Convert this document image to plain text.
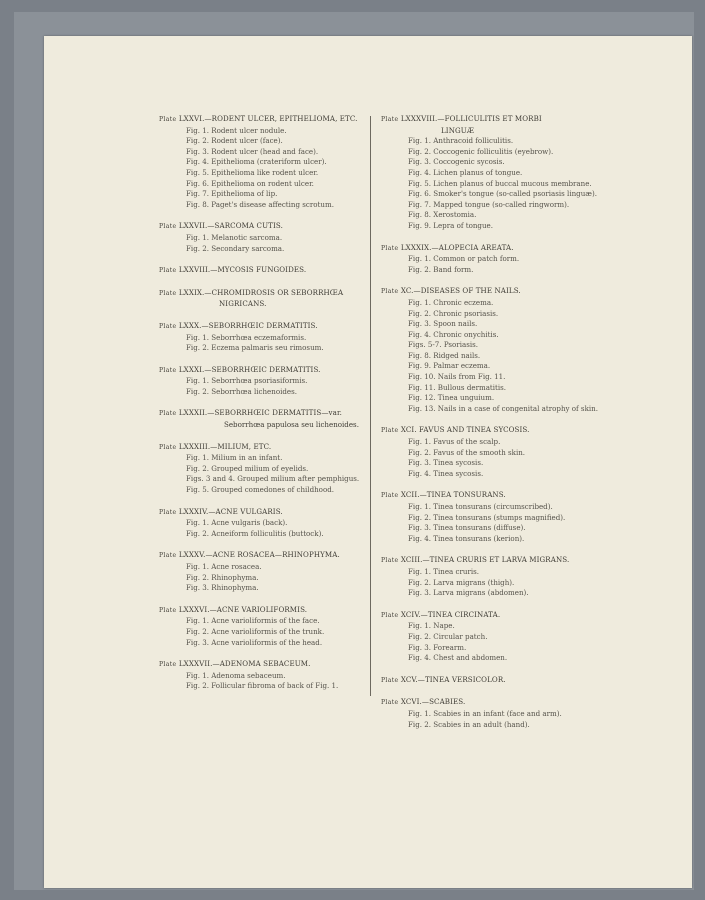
Plate LXXVI.—RODENT ULCER, EPITHELIOMA, ETC.
Fig. 1. Rodent ulcer nodule.
Fig. 2. Rodent ulcer (face).
Fig. 3. Rodent ulcer (head and face).
Fig. 4. Epithelioma (crateriform ulcer).
Fig. 5. Epithelioma like rodent ulcer.
Fig. 6. Epithelioma on rodent ulcer.
Fig. 7. Epithelioma of lip.
Fig. 8. Paget's disease affecting scrotum.
Plate LXXVII.—SARCOMA CUTIS.
Fig. 1. Melanotic sarcoma.
Fig. 2. Secondary sarcoma.
Plate LXXVIII.—MYCOSIS FUNGOIDES.
Plate LXXIX.—CHROMIDROSIS OR SEBORRHŒA
NIGRICANS.
Plate LXXX.—SEBORRHŒIC DERMATITIS.
Fig. 1. Seborrhœa eczemaformis.
Fig. 2. Eczema palmaris seu rimosum.
Plate LXXXI.—SEBORRHŒIC DERMATITIS.
Fig. 1. Seborrhœa psoriasiformis.
Fig. 2. Seborrhœa lichenoides.
Plate LXXXII.—SEBORRHŒIC DERMATITIS—var.
Seborrhœa papulosa seu lichenoides.
Plate LXXXIII.—MILIUM, ETC.
Fig. 1. Milium in an infant.
Fig. 2. Grouped milium of eyelids.
Figs. 3 and 4. Grouped milium after pemphigus.
Fig. 5. Grouped comedones of childhood.
Plate LXXXIV.—ACNE VULGARIS.
Fig. 1. Acne vulgaris (back).
Fig. 2. Acneiform folliculitis (buttock).
Plate LXXXV.—ACNE ROSACEA—RHINOPHYMA.
Fig. 1. Acne rosacea.
Fig. 2. Rhinophyma.
Fig. 3. Rhinophyma.
Plate LXXXVI.—ACNE VARIOLIFORMIS.
Fig. 1. Acne varioliformis of the face.
Fig. 2. Acne varioliformis of the trunk.
Fig. 3. Acne varioliformis of the head.
Plate LXXXVII.—ADENOMA SEBACEUM.
Fig. 1. Adenoma sebaceum.
Fig. 2. Follicular fibroma of back of Fig. 1.
Plate LXXXVIII.—FOLLICULITIS ET MORBI
LINGUÆ
Fig. 1. Anthracoid folliculitis.
Fig. 2. Coccogenic folliculitis (eyebrow).
Fig. 3. Coccogenic sycosis.
Fig. 4. Lichen planus of tongue.
Fig. 5. Lichen planus of buccal mucous membrane.
Fig. 6. Smoker's tongue (so-called psoriasis linguæ).
Fig. 7. Mapped tongue (so-called ringworm).
Fig. 8. Xerostomia.
Fig. 9. Lepra of tongue.
Plate LXXXIX.—ALOPECIA AREATA.
Fig. 1. Common or patch form.
Fig. 2. Band form.
Plate XC.—DISEASES OF THE NAILS.
Fig. 1. Chronic eczema.
Fig. 2. Chronic psoriasis.
Fig. 3. Spoon nails.
Fig. 4. Chronic onychitis.
Figs. 5-7. Psoriasis.
Fig. 8. Ridged nails.
Fig. 9. Palmar eczema.
Fig. 10. Nails from Fig. 11.
Fig. 11. Bullous dermatitis.
Fig. 12. Tinea unguium.
Fig. 13. Nails in a case of congenital atrophy of skin.
Plate XCI. FAVUS AND TINEA SYCOSIS.
Fig. 1. Favus of the scalp.
Fig. 2. Favus of the smooth skin.
Fig. 3. Tinea sycosis.
Fig. 4. Tinea sycosis.
Plate XCII.—TINEA TONSURANS.
Fig. 1. Tinea tonsurans (circumscribed).
Fig. 2. Tinea tonsurans (stumps magnified).
Fig. 3. Tinea tonsurans (diffuse).
Fig. 4. Tinea tonsurans (kerion).
Plate XCIII.—TINEA CRURIS ET LARVA MIGRANS.
Fig. 1. Tinea cruris.
Fig. 2. Larva migrans (thigh).
Fig. 3. Larva migrans (abdomen).
Plate XCIV.—TINEA CIRCINATA.
Fig. 1. Nape.
Fig. 2. Circular patch.
Fig. 3. Forearm.
Fig. 4. Chest and abdomen.
Plate XCV.—TINEA VERSICOLOR.
Plate XCVI.—SCABIES.
Fig. 1. Scabies in an infant (face and arm).
Fig. 2. Scabies in an adult (hand).
